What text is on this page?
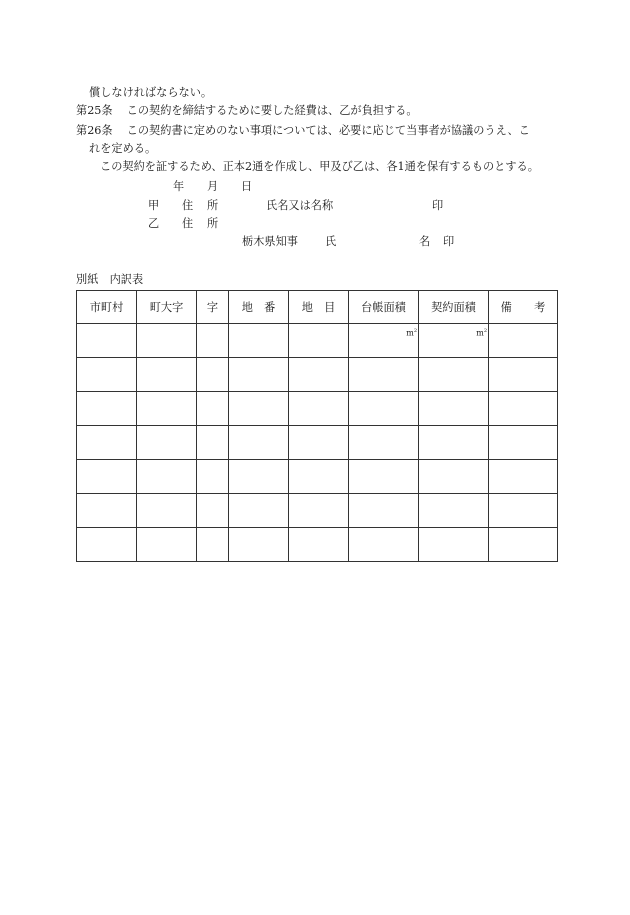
償しなければならない。
第25条 この契約を締結するために要した経費は、乙が負担する。
第26条 この契約書に定めのない事項については、必要に応じて当事者が協議のうえ、こ
れを定める。
この契約を証するため、正本2通を作成し、甲及び乙は、各1通を保有するものとする。
年 月 日
甲 住 所	氏名又は名称	印
乙 住 所
栃木県知事 氏	名 印
別紙　内訳表
市町村	町大字	字	地　番	地　目	台帳面積	契約面積	備　　考

					$m^2$	$m^2$
